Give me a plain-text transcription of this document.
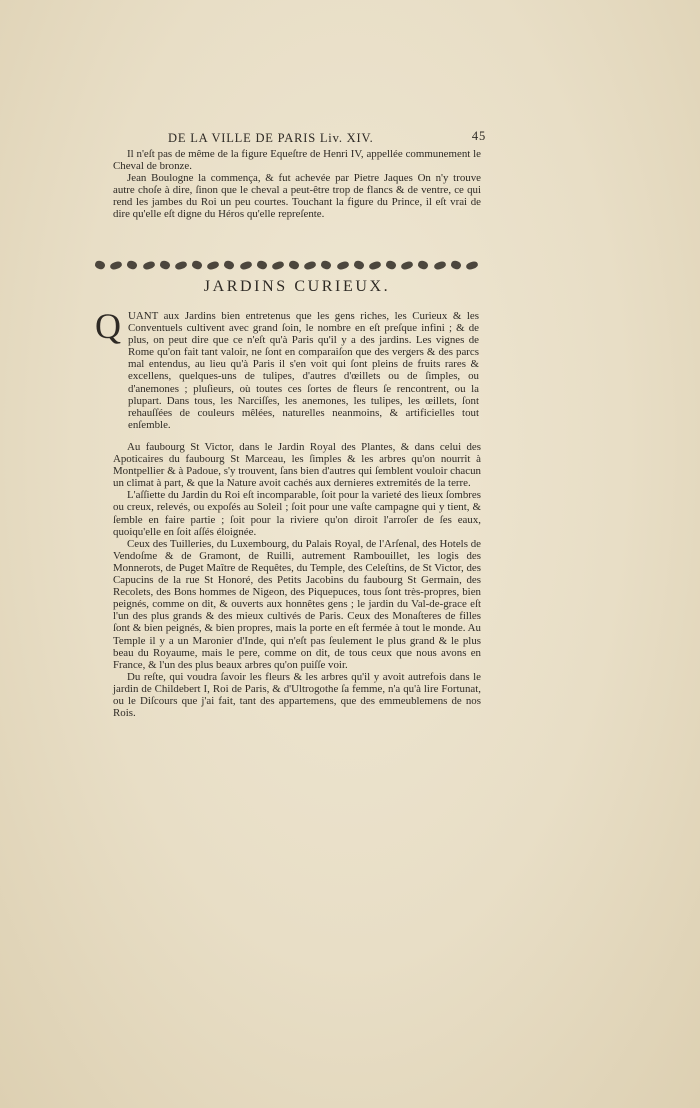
DE LA VILLE DE PARIS Liv. XIV.	45

Il n'eſt pas de même de la figure Equeſtre de Henri IV, appellée communement le Cheval de bronze.

Jean Boulogne la commença, & fut achevée par Pietre Jaques On n'y trouve autre choſe à dire, ſinon que le cheval a peut-être trop de flancs & de ventre, ce qui rend les jambes du Roi un peu courtes. Touchant la figure du Prince, il eſt vrai de dire qu'elle eſt digne du Héros qu'elle repreſente.

JARDINS CURIEUX.
Q UANT aux Jardins bien entretenus que les gens riches, les Curieux & les Conventuels cultivent avec grand ſoin, le nombre en eſt preſque infini ; & de plus, on peut dire que ce n'eſt qu'à Paris qu'il y a des jardins. Les vignes de Rome qu'on fait tant valoir, ne ſont en comparaiſon que des vergers & des parcs mal entendus, au lieu qu'à Paris il s'en voit qui ſont pleins de fruits rares & excellens, quelques-uns de tulipes, d'autres d'œillets ou de ſimples, ou d'anemones ; pluſieurs, où toutes ces ſortes de fleurs ſe rencontrent, ou la plupart. Dans tous, les Narciſſes, les anemones, les tulipes, les œillets, ſont rehauſſées de couleurs mêlées, naturelles neanmoins, & artificielles tout enſemble.

Au faubourg St Victor, dans le Jardin Royal des Plantes, & dans celui des Apoticaires du faubourg St Marceau, les ſimples & les arbres qu'on nourrit à Montpellier & à Padoue, s'y trouvent, ſans bien d'autres qui ſemblent vouloir chacun un climat à part, & que la Nature avoit cachés aux dernieres extremités de la terre.

L'aſſiette du Jardin du Roi eſt incomparable, ſoit pour la varieté des lieux ſombres ou creux, relevés, ou expoſés au Soleil ; ſoit pour une vaſte campagne qui y tient, & ſemble en faire partie ; ſoit pour la riviere qu'on diroit l'arroſer de ſes eaux, quoiqu'elle en ſoit aſſés éloignée.

Ceux des Tuilleries, du Luxembourg, du Palais Royal, de l'Arſenal, des Hotels de Vendoſme & de Gramont, de Ruilli, autrement Rambouillet, les logis des Monnerots, de Puget Maître de Requêtes, du Temple, des Celeſtins, de St Victor, des Capucins de la rue St Honoré, des Petits Jacobins du faubourg St Germain, des Recolets, des Bons hommes de Nigeon, des Piquepuces, tous ſont très-propres, bien peignés, comme on dit, & ouverts aux honnêtes gens ; le jardin du Val-de-grace eſt l'un des plus grands & des mieux cultivés de Paris. Ceux des Monaſteres de filles ſont & bien peignés, & bien propres, mais la porte en eſt fermée à tout le monde. Au Temple il y a un Maronier d'Inde, qui n'eſt pas ſeulement le plus grand & le plus beau du Royaume, mais le pere, comme on dit, de tous ceux que nous avons en France, & l'un des plus beaux arbres qu'on puiſſe voir.

Du reſte, qui voudra ſavoir les fleurs & les arbres qu'il y avoit autrefois dans le jardin de Childebert I, Roi de Paris, & d'Ultrogothe ſa femme, n'a qu'à lire Fortunat, ou le Diſcours que j'ai fait, tant des appartemens, que des emmeublemens de nos Rois.
